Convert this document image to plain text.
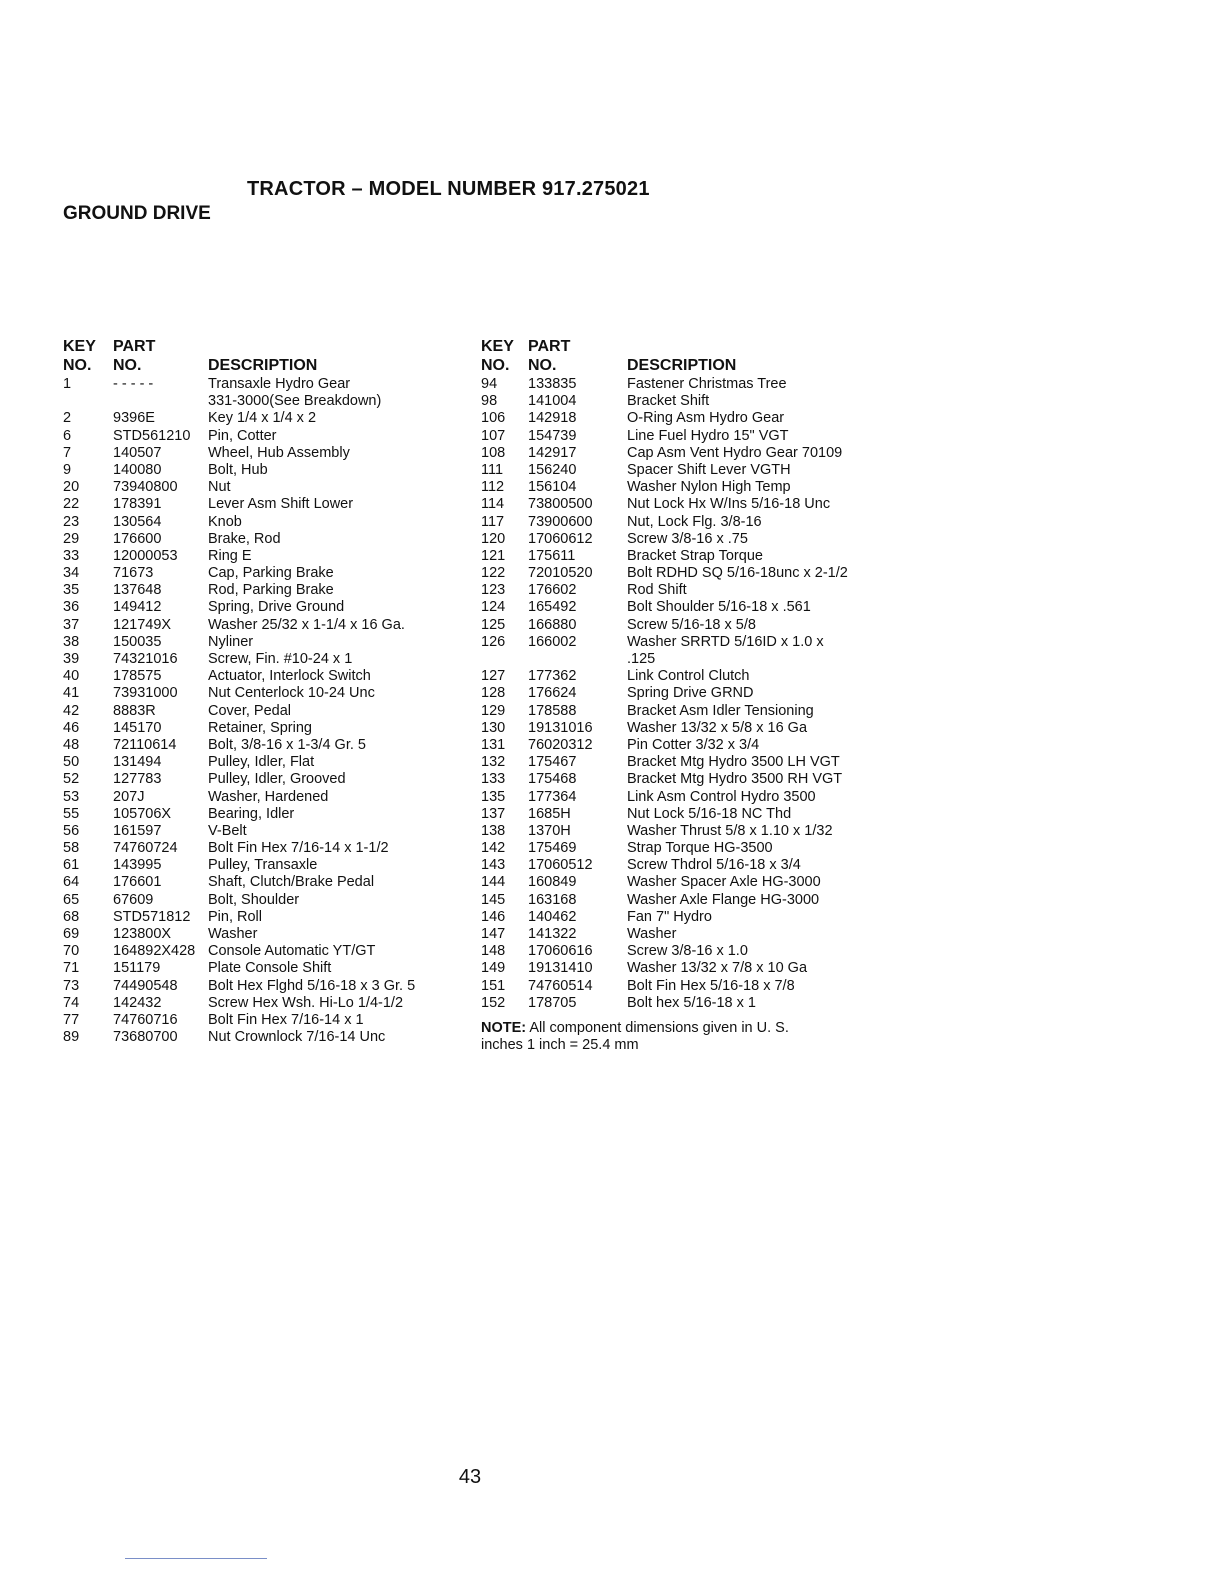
TRACTOR – MODEL NUMBER 917.275021
GROUND DRIVE
KEY
NO.
PART
NO.	DESCRIPTION
1	- - - - -	Transaxle Hydro Gear
331-3000(See Breakdown)
2	9396E	Key 1/4 x 1/4 x 2
6	STD561210 Pin, Cotter
7	140507	Wheel, Hub Assembly
9	140080	Bolt, Hub
20 73940800 Nut
22 178391	Lever Asm Shift Lower
23 130564	Knob
29 176600	Brake, Rod
33 12000053 Ring E
34 71673	Cap, Parking Brake
35 137648	Rod, Parking Brake
36 149412	Spring, Drive Ground
37 121749X	Washer 25/32 x 1-1/4 x 16 Ga.
38 150035	Nyliner
39 74321016 Screw, Fin. #10-24 x 1
40 178575	Actuator, Interlock Switch
41 73931000 Nut Centerlock 10-24 Unc
42 8883R	Cover, Pedal
46 145170	Retainer, Spring
48 72110614 Bolt, 3/8-16 x 1-3/4 Gr. 5
50 131494	Pulley, Idler, Flat
52 127783	Pulley, Idler, Grooved
53 207J	Washer, Hardened
55 105706X	Bearing, Idler
56 161597	V-Belt
58 74760724 Bolt Fin Hex 7/16-14 x 1-1/2
61 143995	Pulley, Transaxle
64 176601	Shaft, Clutch/Brake Pedal
65 67609	Bolt, Shoulder
68 STD571812 Pin, Roll
69 123800X	Washer
70 164892X428 Console Automatic YT/GT
71 151179	Plate Console Shift
73 74490548 Bolt Hex Flghd 5/16-18 x 3 Gr. 5
74 142432	Screw Hex Wsh. Hi-Lo 1/4-1/2
77 74760716 Bolt Fin Hex 7/16-14 x 1
89 73680700 Nut Crownlock 7/16-14 Unc
KEY
NO.
PART
NO.	DESCRIPTION
94 133835	Fastener Christmas Tree
98 141004	Bracket Shift
106 142918	O-Ring Asm Hydro Gear
107 154739	Line Fuel Hydro 15" VGT
108 142917	Cap Asm Vent Hydro Gear 70109
111 156240	Spacer Shift Lever VGTH
112 156104	Washer Nylon High Temp
114 73800500 Nut Lock Hx W/Ins 5/16-18 Unc
117 73900600 Nut, Lock Flg. 3/8-16
120 17060612 Screw 3/8-16 x .75
121 175611	Bracket Strap Torque
122 72010520 Bolt RDHD SQ 5/16-18unc x 2-1/2
123 176602	Rod Shift
124 165492	Bolt Shoulder 5/16-18 x .561
125 166880	Screw 5/16-18 x 5/8
126 166002	Washer SRRTD 5/16ID x 1.0 x
.125
127 177362	Link Control Clutch
128 176624	Spring Drive GRND
129 178588	Bracket Asm Idler Tensioning
130 19131016 Washer 13/32 x 5/8 x 16 Ga
131 76020312 Pin Cotter 3/32 x 3/4
132 175467	Bracket Mtg Hydro 3500 LH VGT
133 175468	Bracket Mtg Hydro 3500 RH VGT
135 177364	Link Asm Control Hydro 3500
137 1685H	Nut Lock 5/16-18 NC Thd
138 1370H	Washer Thrust 5/8 x 1.10 x 1/32
142 175469	Strap Torque HG-3500
143 17060512 Screw Thdrol 5/16-18 x 3/4
144 160849	Washer Spacer Axle HG-3000
145 163168	Washer Axle Flange HG-3000
146 140462	Fan 7" Hydro
147 141322	Washer
148 17060616 Screw 3/8-16 x 1.0
149 19131410 Washer 13/32 x 7/8 x 10 Ga
151 74760514 Bolt Fin Hex 5/16-18 x 7/8
152 178705	Bolt hex 5/16-18 x 1
NOTE: All component dimensions given in U. S.
inches 1 inch = 25.4 mm
43
